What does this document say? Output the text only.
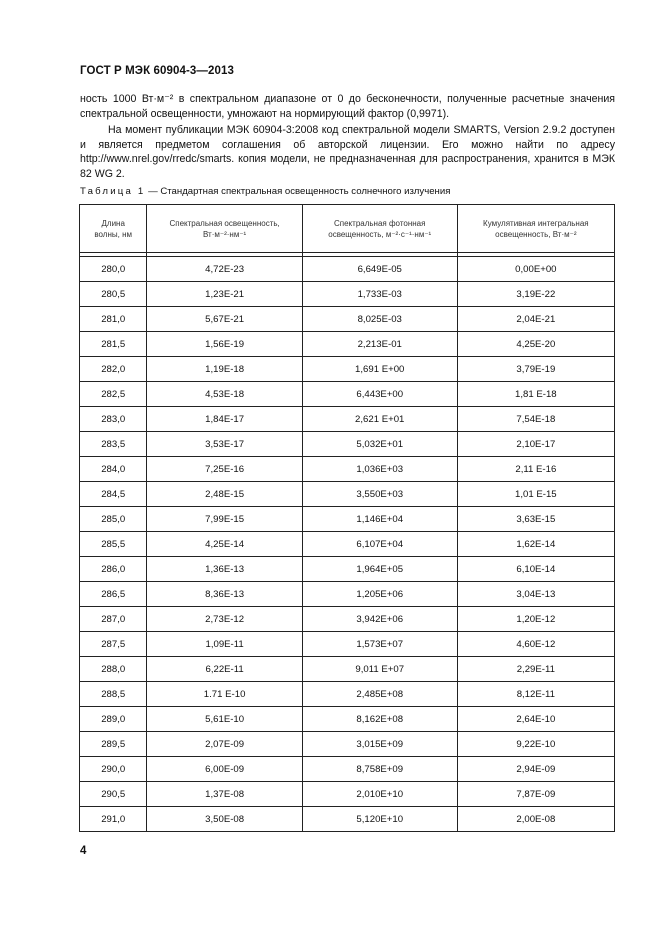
ГОСТ Р МЭК 60904-3—2013
ность 1000 Вт·м⁻² в спектральном диапазоне от 0 до бесконечности, полученные расчетные значения спектральной освещенности, умножают на нормирующий фактор (0,9971).
На момент публикации МЭК 60904-3:2008 код спектральной модели SMARTS, Version 2.9.2 доступен и является предметом соглашения об авторской лицензии. Его можно найти по адресу http://www.nrel.gov/rredc/smarts. копия модели, не предназначенная для распространения, хранится в МЭК 82 WG 2.
Таблица 1 — Стандартная спектральная освещенность солнечного излучения
Длина волны, нм	Спектральная освещенность, Вт·м⁻²·нм⁻¹	Спектральная фотонная освещенность, м⁻²·с⁻¹·нм⁻¹	Кумулятивная интегральная освещенность, Вт·м⁻²

280,0	4,72E-23	6,649E-05	0,00E+00
280,5	1,23E-21	1,733E-03	3,19E-22
281,0	5,67E-21	8,025E-03	2,04E-21
281,5	1,56E-19	2,213E-01	4,25E-20
282,0	1,19E-18	1,691 E+00	3,79E-19
282,5	4,53E-18	6,443E+00	1,81 E-18
283,0	1,84E-17	2,621 E+01	7,54E-18
283,5	3,53E-17	5,032E+01	2,10E-17
284,0	7,25E-16	1,036E+03	2,11 E-16
284,5	2,48E-15	3,550E+03	1,01 E-15
285,0	7,99E-15	1,146E+04	3,63E-15
285,5	4,25E-14	6,107E+04	1,62E-14
286,0	1,36E-13	1,964E+05	6,10E-14
286,5	8,36E-13	1,205E+06	3,04E-13
287,0	2,73E-12	3,942E+06	1,20E-12
287,5	1,09E-11	1,573E+07	4,60E-12
288,0	6,22E-11	9,011 E+07	2,29E-11
288,5	1.71 E-10	2,485E+08	8,12E-11
289,0	5,61E-10	8,162E+08	2,64E-10
289,5	2,07E-09	3,015E+09	9,22E-10
290,0	6,00E-09	8,758E+09	2,94E-09
290,5	1,37E-08	2,010E+10	7,87E-09
291,0	3,50E-08	5,120E+10	2,00E-08
4
